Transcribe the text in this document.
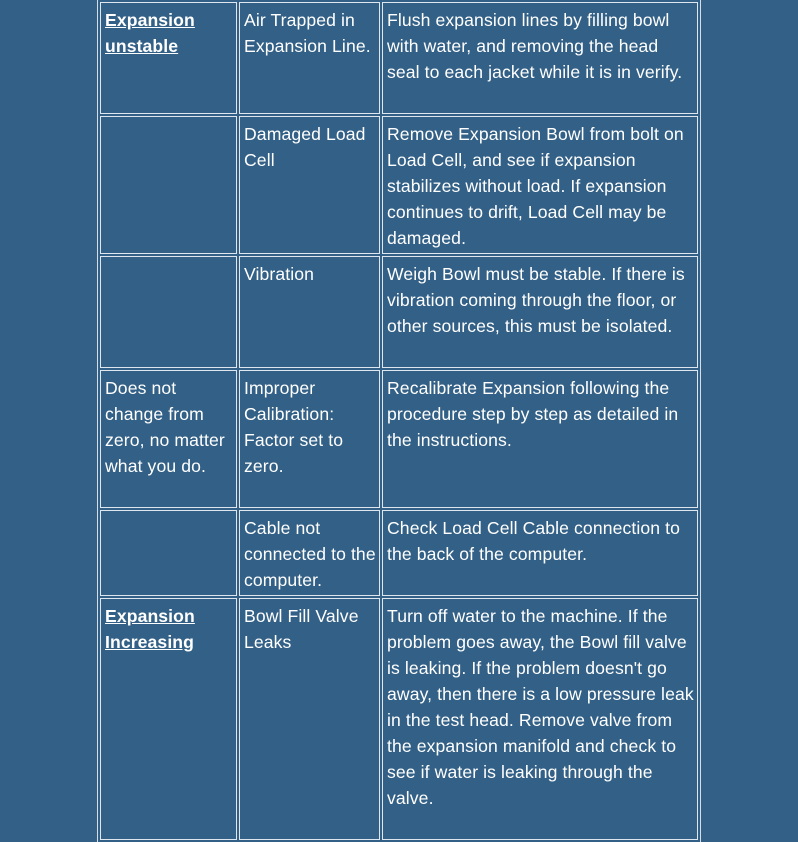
Expansion unstable	Air Trapped in Expansion Line.	Flush expansion lines by filling bowl with water, and removing the head seal to each jacket while it is in verify.
	Damaged Load Cell	Remove Expansion Bowl from bolt on Load Cell, and see if expansion stabilizes without load. If expansion continues to drift, Load Cell may be damaged.
	Vibration	Weigh Bowl must be stable. If there is vibration coming through the floor, or other sources, this must be isolated.
Does not change from zero, no matter what you do.	Improper Calibration: Factor set to zero.	Recalibrate Expansion following the procedure step by step as detailed in the instructions.
	Cable not connected to the computer.	Check Load Cell Cable connection to the back of the computer.
Expansion Increasing	Bowl Fill Valve Leaks	Turn off water to the machine. If the problem goes away, the Bowl fill valve is leaking. If the problem doesn't go away, then there is a low pressure leak in the test head. Remove valve from the expansion manifold and check to see if water is leaking through the valve.
